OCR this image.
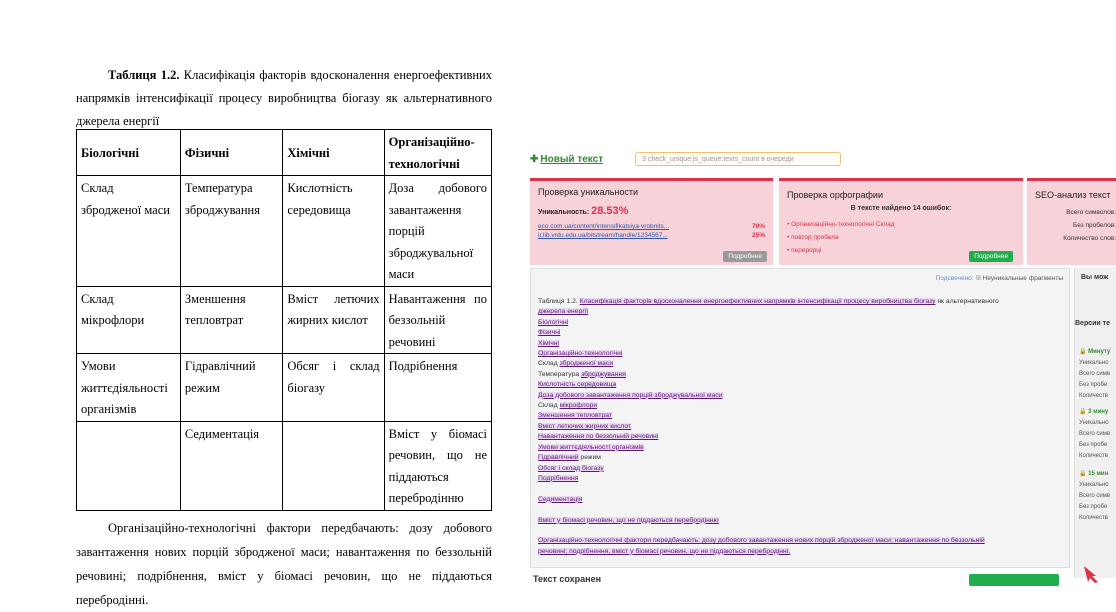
Таблиця 1.2. Класифікація факторів вдосконалення енергоефективних напрямків інтенсифікації процесу виробництва біогазу як альтернативного джерела енергії
Біологічні	Фізичні	Хімічні	Організаційно-технологічні
Склад збродженої маси	Температура зброджування	Кислотність середовища	Доза добового завантаження порцій зброджувальної маси
Склад мікрофлори	Зменшення тепловтрат	Вміст летючих жирних кислот	Навантаження по беззольній речовині
Умови життєдіяльності організмів	Гідравлічний режим	Обсяг і склад біогазу	Подрібнення
	Седиментація		Вміст у біомасі речовин, що не піддаються перебродінню
Організаційно-технологічні фактори передбачають: дозу добового завантаження нових порцій збродженої маси; навантаження по беззольній речовині; подрібнення, вміст у біомасі речовин, що не піддаються перебродінні.
✚ Новый текст	3 check_unique:js_queue:texts_count в очереди
Проверка уникальности
Уникальность: 28.53%
eco.com.ua/content/intensifikatsiya-vrobnits...	70%
ir.lib.vntu.edu.ua/bitstream/handle/1234567...	25%
Подробнее
Проверка орфографии
В тексте найдено 14 ошибок:
• Организаційно-технологічні Склад
• повтор пробела
• перерорці
Подробнее
SEO-анализ текст
Всего символов:
Без пробелов:
Количество слов:
Подсвечено: Неуникальные фрагменты
Таблиця 1.2. Класифікація факторів вдосконалення енергоефективних напрямків інтенсифікації процесу виробництва біогазу як альтернативного
джерела енергії
Біологічні
Фізичні
Хімічні
Організаційно-технологічні
Склад збродженої маси
Температура зброджування
Кислотність середовища
Доза добового завантаження порцій зброджувальної маси
Склад мікрофлори
Зменшення тепловтрат
Вміст летючих жирних кислот
Навантаження по беззольній речовині
Умови життєдіяльності організмів
Гідравлічний режим
Обсяг і склад біогазу
Подрібнення

Седиментація

Вміст у біомасі речовин, що не піддаються перебродінню

Організаційно-технологічні фактори передбачають: дозу добового завантаження нових порцій збродженої маси; навантаження по беззольній
речовині; подрібнення, вміст у біомасі речовин, що не піддаються перебродінні.
Вы мож
Версии те
🔒 Минуту
Уникально
Всего симв
Без пробе
Количеств
🔒 3 мину
Уникально
Всего симв
Без пробе
Количеств
🔒 15 мин
Уникально
Всего симв
Без пробе
Количеств
Текст сохранен
